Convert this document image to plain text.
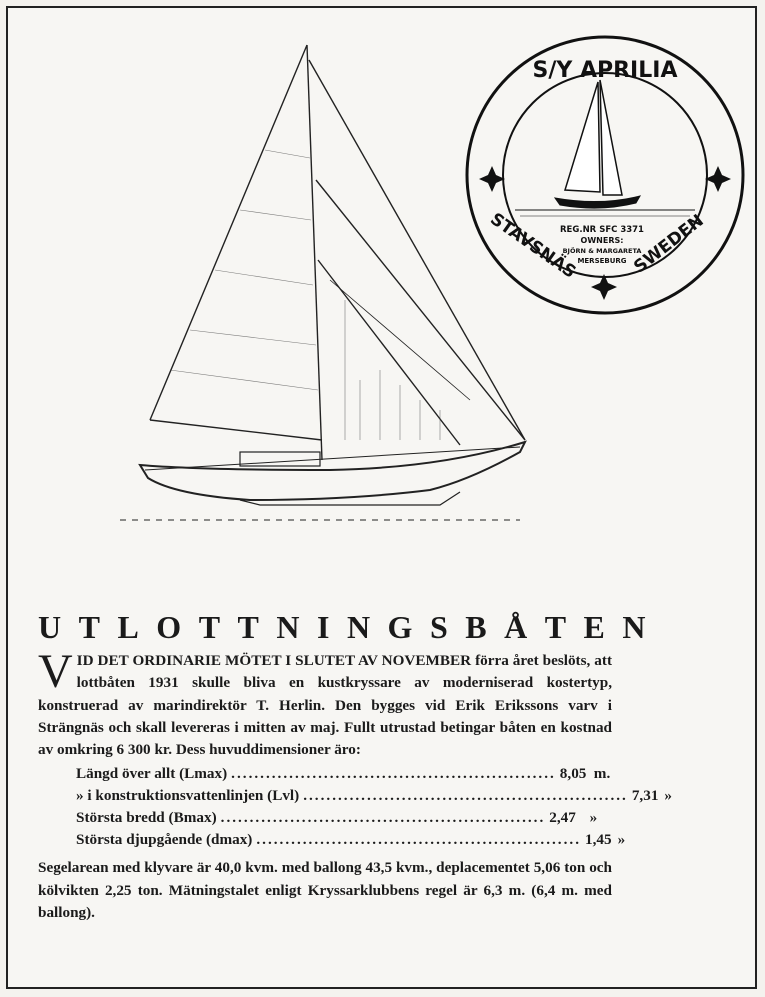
S/Y APRILIA
REG.NR SFC 3371
OWNERS:
BJÖRN & MARGARETA
MERSEBURG
STAVSNÄS	SWEDEN
UTLOTTNINGSBÅTEN

VID DET ORDINARIE MÖTET I SLUTET AV NOVEMBER förra året beslöts, att lottbåten 1931 skulle bliva en kustkryssare av moderniserad kostertyp, konstruerad av marindirektör T. Herlin. Den bygges vid Erik Erikssons varv i Strängnäs och skall levereras i mitten av maj. Fullt utrustad betingar båten en kostnad av omkring 6 300 kr. Dess huvuddimensioner äro:

Längd över allt (Lmax) ........................................................ 8,05 m.
» i konstruktionsvattenlinjen (Lvl) ........................................................ 7,31 »
Största bredd (Bmax) ........................................................ 2,47 »
Största djupgående (dmax) ........................................................ 1,45 »

Segelarean med klyvare är 40,0 kvm. med ballong 43,5 kvm., deplacementet 5,06 ton och kölvikten 2,25 ton. Mätningstalet enligt Kryssarklubbens regel är 6,3 m. (6,4 m. med ballong).
